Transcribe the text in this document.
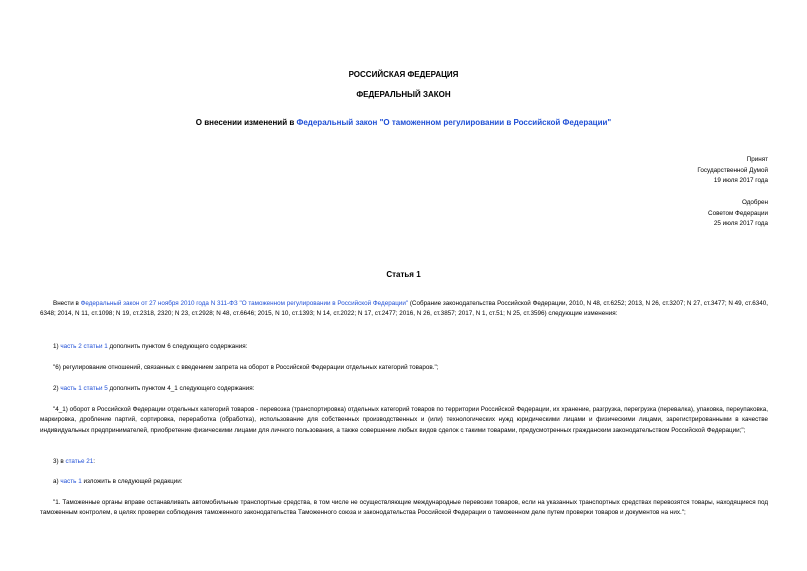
РОССИЙСКАЯ ФЕДЕРАЦИЯ
ФЕДЕРАЛЬНЫЙ ЗАКОН
О внесении изменений в Федеральный закон "О таможенном регулировании в Российской Федерации"
Принят
Государственной Думой
19 июля 2017 года
Одобрен
Советом Федерации
25 июля 2017 года
Статья 1
Внести в Федеральный закон от 27 ноября 2010 года N 311-ФЗ "О таможенном регулировании в Российской Федерации" (Собрание законодательства Российской Федерации, 2010, N 48, ст.6252; 2013, N 26, ст.3207; N 27, ст.3477; N 49, ст.6340, 6348; 2014, N 11, ст.1098; N 19, ст.2318, 2320; N 23, ст.2928; N 48, ст.6646; 2015, N 10, ст.1393; N 14, ст.2022; N 17, ст.2477; 2016, N 26, ст.3857; 2017, N 1, ст.51; N 25, ст.3596) следующие изменения:
1) часть 2 статьи 1 дополнить пунктом 6 следующего содержания:
"6) регулирование отношений, связанных с введением запрета на оборот в Российской Федерации отдельных категорий товаров.";
2) часть 1 статьи 5 дополнить пунктом 4_1 следующего содержания:
"4_1) оборот в Российской Федерации отдельных категорий товаров - перевозка (транспортировка) отдельных категорий товаров по территории Российской Федерации, их хранение, разгрузка, перегрузка (перевалка), упаковка, переупаковка, маркировка, дробление партий, сортировка, переработка (обработка), использование для собственных производственных и (или) технологических нужд юридическими лицами и физическими лицами, зарегистрированными в качестве индивидуальных предпринимателей, приобретение физическими лицами для личного пользования, а также совершение любых видов сделок с такими товарами, предусмотренных гражданским законодательством Российской Федерации;";
3) в статье 21:
а) часть 1 изложить в следующей редакции:
"1. Таможенные органы вправе останавливать автомобильные транспортные средства, в том числе не осуществляющие международные перевозки товаров, если на указанных транспортных средствах перевозятся товары, находящиеся под таможенным контролем, в целях проверки соблюдения таможенного законодательства Таможенного союза и законодательства Российской Федерации о таможенном деле путем проверки товаров и документов на них.";
